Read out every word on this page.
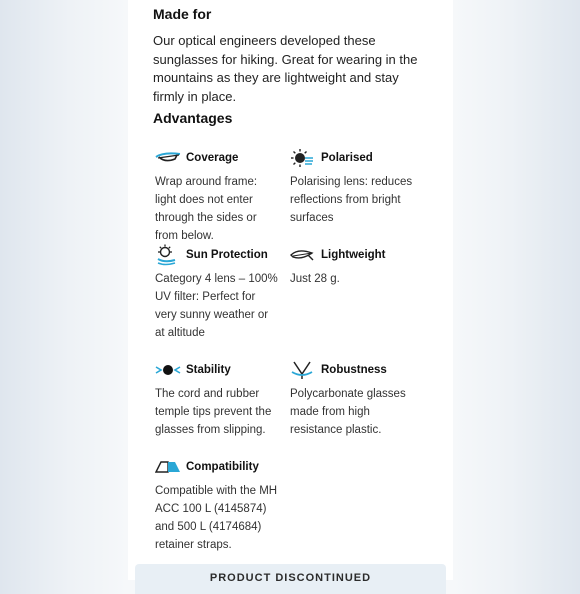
Made for
Our optical engineers developed these sunglasses for hiking. Great for wearing in the mountains as they are lightweight and stay firmly in place.
Advantages
Coverage
Wrap around frame: light does not enter through the sides or from below.
Polarised
Polarising lens: reduces reflections from bright surfaces
Sun Protection
Category 4 lens – 100% UV filter: Perfect for very sunny weather or at altitude
Lightweight
Just 28 g.
Stability
The cord and rubber temple tips prevent the glasses from slipping.
Robustness
Polycarbonate glasses made from high resistance plastic.
Compatibility
Compatible with the MH ACC 100 L (4145874) and 500 L (4174684) retainer straps.
PRODUCT DISCONTINUED
